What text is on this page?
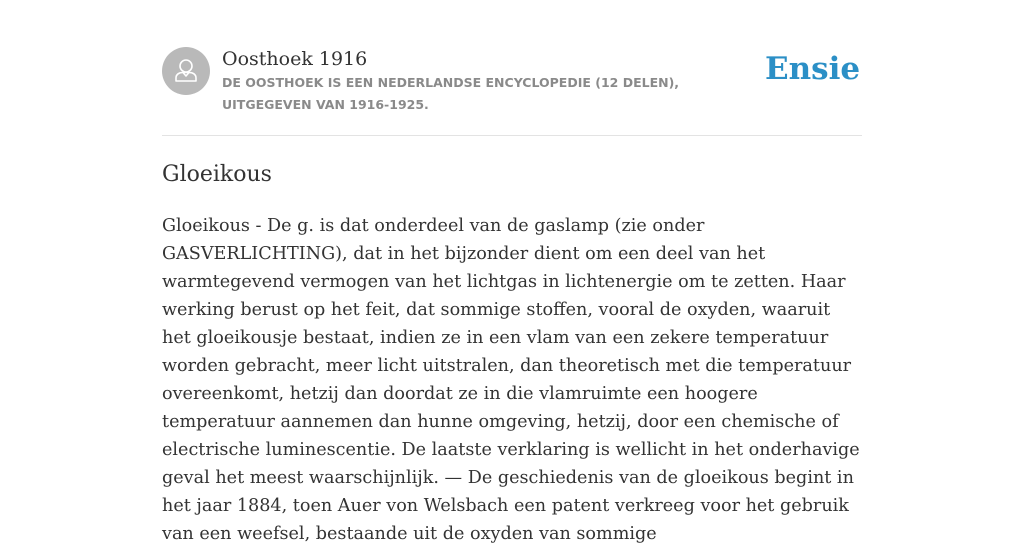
Oosthoek 1916
DE OOSTHOEK IS EEN NEDERLANDSE ENCYCLOPEDIE (12 DELEN), UITGEGEVEN VAN 1916-1925.
Ensie
Gloeikous

Gloeikous - De g. is dat onderdeel van de gaslamp (zie onder GASVERLICHTING), dat in het bijzonder dient om een deel van het warmtegevend vermogen van het lichtgas in lichtenergie om te zetten. Haar werking berust op het feit, dat sommige stoffen, vooral de oxyden, waaruit het gloeikousje bestaat, indien ze in een vlam van een zekere temperatuur worden gebracht, meer licht uitstralen, dan theoretisch met die temperatuur overeenkomt, hetzij dan doordat ze in die vlamruimte een hoogere temperatuur aannemen dan hunne omgeving, hetzij, door een chemische of electrische luminescentie. De laatste verklaring is wellicht in het onderhavige geval het meest waarschijnlijk. — De geschiedenis van de gloeikous begint in het jaar 1884, toen Auer von Welsbach een patent verkreeg voor het gebruik van een weefsel, bestaande uit de oxyden van sommige
